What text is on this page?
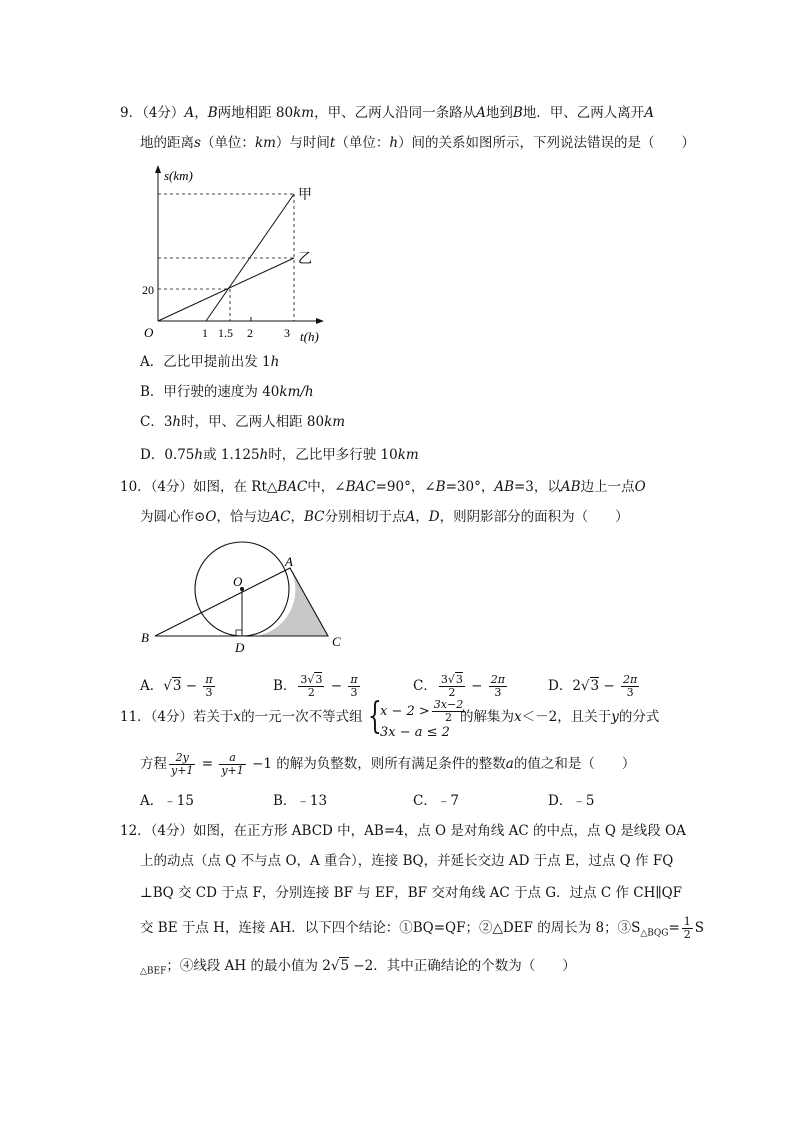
9．（4分）A，B两地相距 80km，甲、乙两人沿同一条路从A地到B地．甲、乙两人离开A
地的距离s（单位：km）与时间t（单位：h）间的关系如图所示，下列说法错误的是（　　）
s(km)
t(h)
O
20
1 1.5 2	3
甲
乙
A．乙比甲提前出发 1h
B．甲行驶的速度为 40km/h
C．3h时，甲、乙两人相距 80km
D．0.75h或 1.125h时，乙比甲多行驶 10km
10．（4分）如图，在 Rt△BAC中，∠BAC=90°，∠B=30°，AB=3，以AB边上一点O
为圆心作⊙O，恰与边AC，BC分别相切于点A，D，则阴影部分的面积为（　　）
A
B	C
D
O
A．$√3 - \frac{\pi}{3}$	B． $\frac{3√3}{2} - \frac{\pi}{3}$	C． $\frac{3√3}{2} - \frac{2\pi}{3}$	D．$2√3 - \frac{2\pi}{3}$
11．（4分）若关于x的一元一次不等式组 {
$x - 2 > \frac{3x-2}{2}$
3x − a ≤ 2
的解集为x＜－2，且关于y的分式
方程 $\frac{2y}{y+1} = \frac{a}{y+1} -1$ 的解为负整数，则所有满足条件的整数a的值之和是（　　）
A．﹣15	B．﹣13	C．﹣7	D．﹣5
12．（4分）如图，在正方形 ABCD 中，AB=4，点 O 是对角线 AC 的中点，点 Q 是线段 OA
上的动点（点 Q 不与点 O，A 重合），连接 BQ，并延长交边 AD 于点 E，过点 Q 作 FQ
⊥BQ 交 CD 于点 F，分别连接 BF 与 EF，BF 交对角线 AC 于点 G．过点 C 作 CH∥QF
交 BE 于点 H，连接 AH．以下四个结论：①BQ=QF；②△DEF 的周长为 8；$③S_{\triangle BQG}= \frac{1}{2}$ S
$_{\triangle BEF}$；④线段 AH 的最小值为 2√5 −2．其中正确结论的个数为（　　）
